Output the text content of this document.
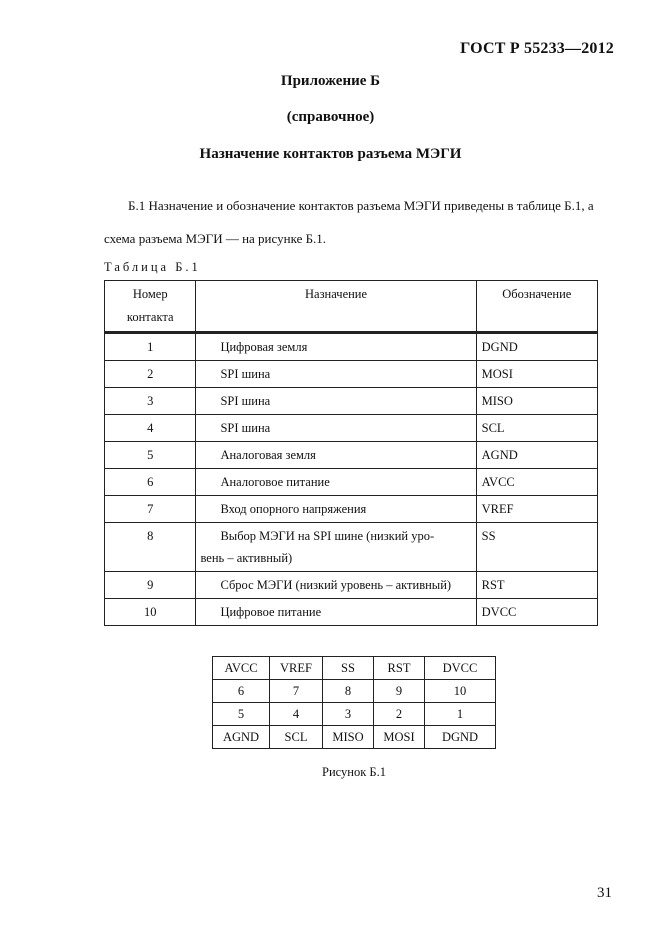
ГОСТ Р 55233—2012
Приложение Б
(справочное)
Назначение контактов разъема МЭГИ
Б.1 Назначение и обозначение контактов разъема МЭГИ приведены в таблице Б.1, а
схема разъема МЭГИ — на рисунке Б.1.
Таблица Б.1
Номер
контакта	Назначение	Обозначение
1	Цифровая земля	DGND
2	SPI шина	MOSI
3	SPI шина	MISO
4	SPI шина	SCL
5	Аналоговая земля	AGND
6	Аналоговое питание	AVCC
7	Вход опорного напряжения	VREF
8	Выбор МЭГИ на SPI шине (низкий уро-
вень – активный)	SS
9	Сброс МЭГИ (низкий уровень – активный)	RST
10	Цифровое питание	DVCC
AVCC	VREF	SS	RST	DVCC
6	7	8	9	10
5	4	3	2	1
AGND	SCL	MISO	MOSI	DGND
Рисунок Б.1
31
